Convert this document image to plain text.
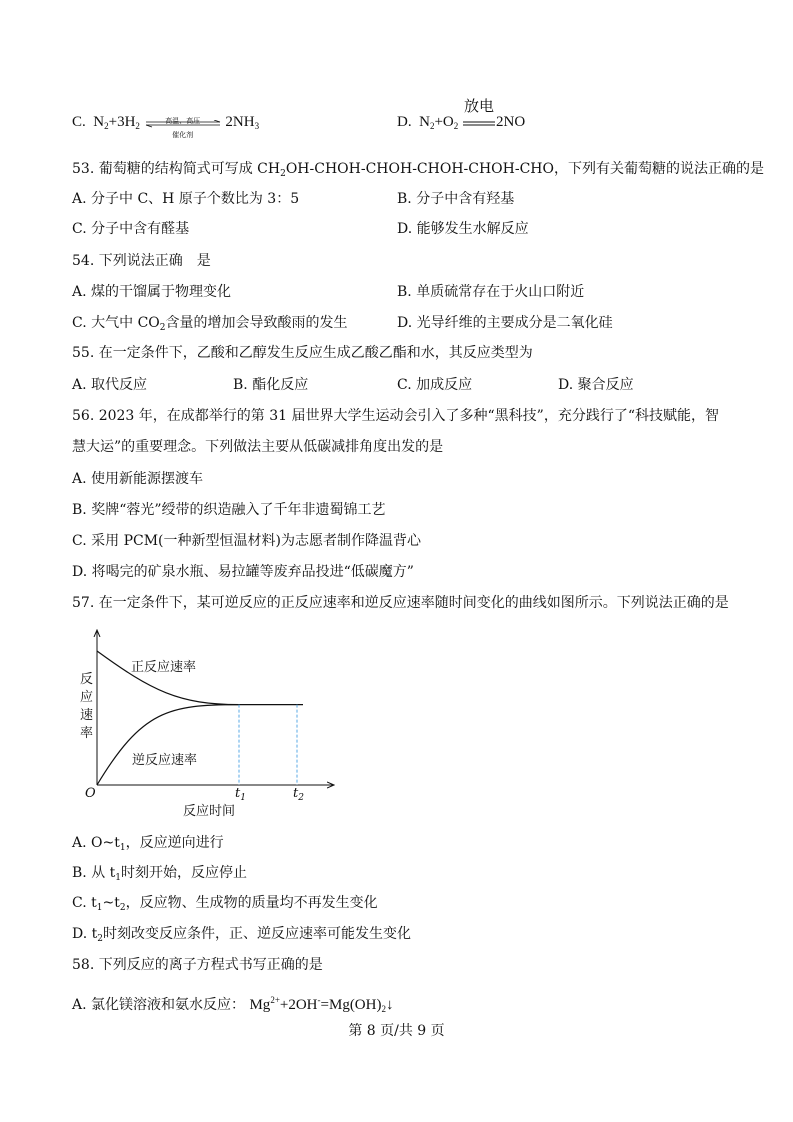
C. $N_2+3H_2$
高温、高压
催化剂
$2NH_3$	D. $N_2+O_2$
放电
2NO
53. 葡萄糖的结构简式可写成 $CH_2OH-CHOH-CHOH-CHOH-CHOH$-CHO，下列有关葡萄糖的说法正确的是
A. 分子中 C、H 原子个数比为 3：5	B. 分子中含有羟基
C. 分子中含有醛基	D. 能够发生水解反应
54. 下列说法正确　是
A. 煤的干馏属于物理变化	B. 单质硫常存在于火山口附近
C. 大气中 $CO_2$含量的增加会导致酸雨的发生	D. 光导纤维的主要成分是二氧化硅
55. 在一定条件下，乙酸和乙醇发生反应生成乙酸乙酯和水，其反应类型为
A. 取代反应	B. 酯化反应	C. 加成反应	D. 聚合反应
56. 2023 年，在成都举行的第 31 届世界大学生运动会引入了多种“黑科技”，充分践行了“科技赋能，智
慧大运”的重要理念。下列做法主要从低碳减排角度出发的是
A. 使用新能源摆渡车
B. 奖牌“蓉光”绶带的织造融入了千年非遗蜀锦工艺
C. 采用 PCM(一种新型恒温材料)为志愿者制作降温背心
D. 将喝完的矿泉水瓶、易拉罐等废弃品投进“低碳魔方”
57. 在一定条件下，某可逆反应的正反应速率和逆反应速率随时间变化的曲线如图所示。下列说法正确的是
正反应速率
逆反应速率
反应速率
O	$t_1$	$t_2$
反应时间
A. $O\sim t_1$，反应逆向进行
B. 从 $t_1$时刻开始，反应停止
C. $t_1\sim t_2$，反应物、生成物的质量均不再发生变化
D. $t_2$时刻改变反应条件，正、逆反应速率可能发生变化
58. 下列反应的离子方程式书写正确的是
A. 氯化镁溶液和氨水反应： $Mg^{2+}+2OH^-=Mg(OH)_2↓$
第 8 页/共 9 页
